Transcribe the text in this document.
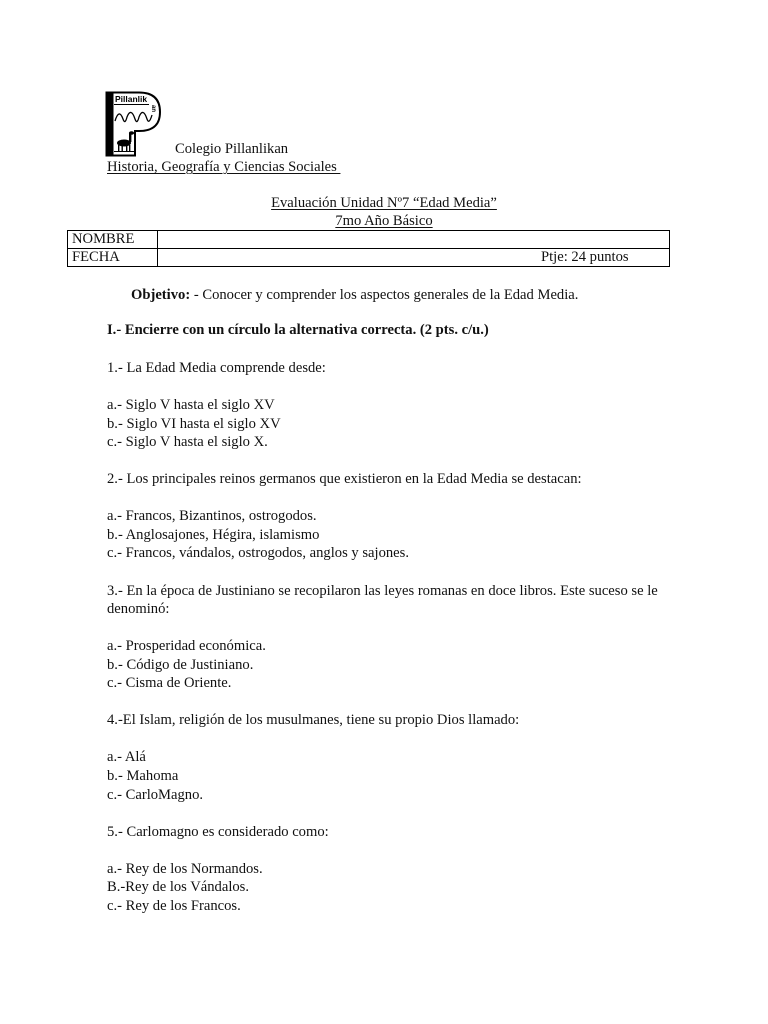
Pillanlik
an
Colegio Pillanlikan
Historia, Geografía y Ciencias Sociales
Evaluación Unidad Nº7 “Edad Media”
7mo Año Básico
NOMBRE	
FECHA	Ptje: 24 puntos
Objetivo: - Conocer y comprender los aspectos generales de la Edad Media.
I.- Encierre con un círculo la alternativa correcta. (2 pts. c/u.)
1.- La Edad Media comprende desde:
a.- Siglo V hasta el siglo XV
b.- Siglo VI hasta el siglo XV
c.- Siglo V hasta el siglo X.
2.- Los principales reinos germanos que existieron en la Edad Media se destacan:
a.- Francos, Bizantinos, ostrogodos.
b.- Anglosajones, Hégira, islamismo
c.- Francos, vándalos, ostrogodos, anglos y sajones.
3.- En la época de Justiniano se recopilaron las leyes romanas en doce libros. Este suceso se le denominó:
a.- Prosperidad económica.
b.- Código de Justiniano.
c.- Cisma de Oriente.
4.-El Islam, religión de los musulmanes, tiene su propio Dios llamado:
a.- Alá
b.- Mahoma
c.- CarloMagno.
5.- Carlomagno es considerado como:
a.- Rey de los Normandos.
B.-Rey de los Vándalos.
c.- Rey de los Francos.
